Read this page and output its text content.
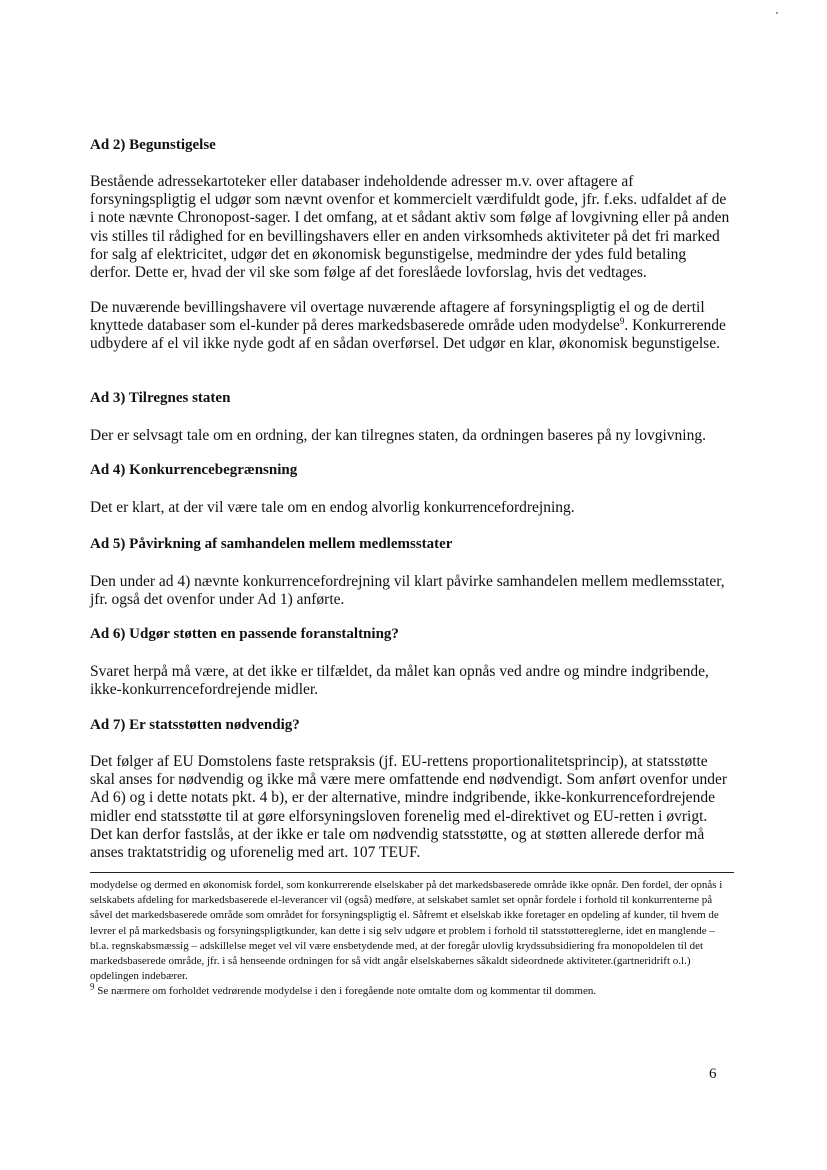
Ad 2) Begunstigelse

Bestående adressekartoteker eller databaser indeholdende adresser m.v. over aftagere af forsyningspligtig el udgør som nævnt ovenfor et kommercielt værdifuldt gode, jfr. f.eks. udfaldet af de i note nævnte Chronopost-sager. I det omfang, at et sådant aktiv som følge af lovgivning eller på anden vis stilles til rådighed for en bevillingshavers eller en anden virksomheds aktiviteter på det fri marked for salg af elektricitet, udgør det en økonomisk begunstigelse, medmindre der ydes fuld betaling derfor. Dette er, hvad der vil ske som følge af det foreslåede lovforslag, hvis det vedtages.

De nuværende bevillingshavere vil overtage nuværende aftagere af forsyningspligtig el og de dertil knyttede databaser som el-kunder på deres markedsbaserede område uden modydelse$^9$. Konkurrerende udbydere af el vil ikke nyde godt af en sådan overførsel. Det udgør en klar, økonomisk begunstigelse.

Ad 3) Tilregnes staten

Der er selvsagt tale om en ordning, der kan tilregnes staten, da ordningen baseres på ny lovgivning.

Ad 4) Konkurrencebegrænsning

Det er klart, at der vil være tale om en endog alvorlig konkurrencefordrejning.

Ad 5) Påvirkning af samhandelen mellem medlemsstater

Den under ad 4) nævnte konkurrencefordrejning vil klart påvirke samhandelen mellem medlemsstater, jfr. også det ovenfor under Ad 1) anførte.

Ad 6) Udgør støtten en passende foranstaltning?

Svaret herpå må være, at det ikke er tilfældet, da målet kan opnås ved andre og mindre indgribende, ikke-konkurrencefordrejende midler.

Ad 7) Er statsstøtten nødvendig?

Det følger af EU Domstolens faste retspraksis (jf. EU-rettens proportionalitetsprincip), at statsstøtte skal anses for nødvendig og ikke må være mere omfattende end nødvendigt. Som anført ovenfor under Ad 6) og i dette notats pkt. 4 b), er der alternative, mindre indgribende, ikke-konkurrencefordrejende midler end statsstøtte til at gøre elforsyningsloven forenelig med el-direktivet og EU-retten i øvrigt. Det kan derfor fastslås, at der ikke er tale om nødvendig statsstøtte, og at støtten allerede derfor må anses traktatstridig og uforenelig med art. 107 TEUF.

modydelse og dermed en økonomisk fordel, som konkurrerende elselskaber på det markedsbaserede område ikke opnår. Den fordel, der opnås i selskabets afdeling for markedsbaserede el-leverancer vil (også) medføre, at selskabet samlet set opnår fordele i forhold til konkurrenterne på såvel det markedsbaserede område som området for forsyningspligtig el. Såfremt et elselskab ikke foretager en opdeling af kunder, til hvem de levrer el på markedsbasis og forsyningspligtkunder, kan dette i sig selv udgøre et problem i forhold til statsstøttereglerne, idet en manglende – bl.a. regnskabsmæssig – adskillelse meget vel vil være ensbetydende med, at der foregår ulovlig krydssubsidiering fra monopoldelen til det markedsbaserede område, jfr. i så henseende ordningen for så vidt angår elselskabernes såkaldt sideordnede aktiviteter.(gartneridrift o.l.) opdelingen indebærer.

$^9$ Se nærmere om forholdet vedrørende modydelse i den i foregående note omtalte dom og kommentar til dommen.

6
